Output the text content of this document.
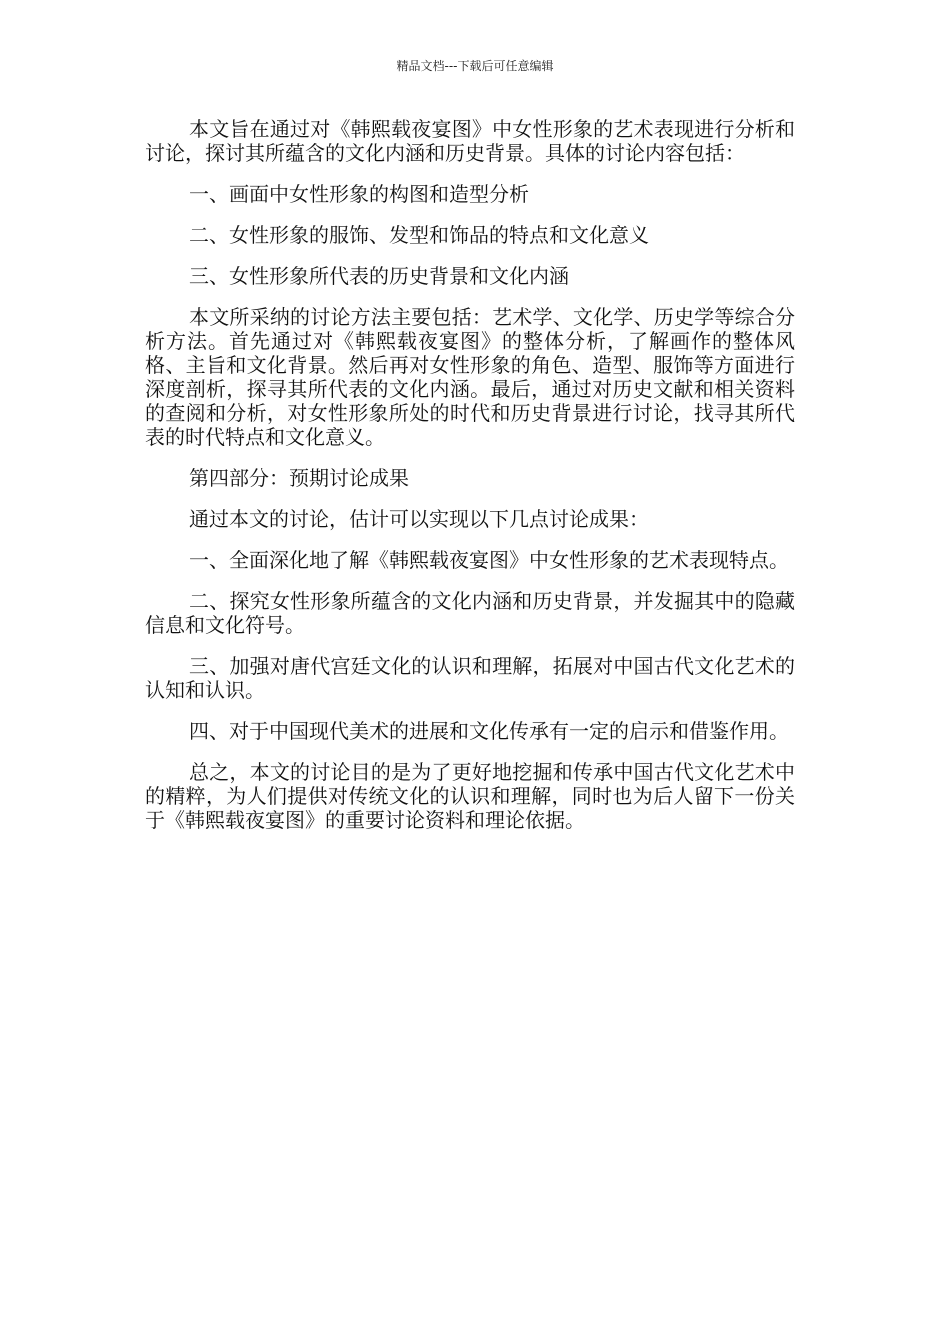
精品文档---下载后可任意编辑

本文旨在通过对《韩熙载夜宴图》中女性形象的艺术表现进行分析和讨论，探讨其所蕴含的文化内涵和历史背景。具体的讨论内容包括：

一、画面中女性形象的构图和造型分析

二、女性形象的服饰、发型和饰品的特点和文化意义

三、女性形象所代表的历史背景和文化内涵

本文所采纳的讨论方法主要包括：艺术学、文化学、历史学等综合分析方法。首先通过对《韩熙载夜宴图》的整体分析，了解画作的整体风格、主旨和文化背景。然后再对女性形象的角色、造型、服饰等方面进行深度剖析，探寻其所代表的文化内涵。最后，通过对历史文献和相关资料的查阅和分析，对女性形象所处的时代和历史背景进行讨论，找寻其所代表的时代特点和文化意义。

第四部分：预期讨论成果

通过本文的讨论，估计可以实现以下几点讨论成果：

一、全面深化地了解《韩熙载夜宴图》中女性形象的艺术表现特点。

二、探究女性形象所蕴含的文化内涵和历史背景，并发掘其中的隐藏信息和文化符号。

三、加强对唐代宫廷文化的认识和理解，拓展对中国古代文化艺术的认知和认识。

四、对于中国现代美术的进展和文化传承有一定的启示和借鉴作用。

总之，本文的讨论目的是为了更好地挖掘和传承中国古代文化艺术中的精粹，为人们提供对传统文化的认识和理解，同时也为后人留下一份关于《韩熙载夜宴图》的重要讨论资料和理论依据。
